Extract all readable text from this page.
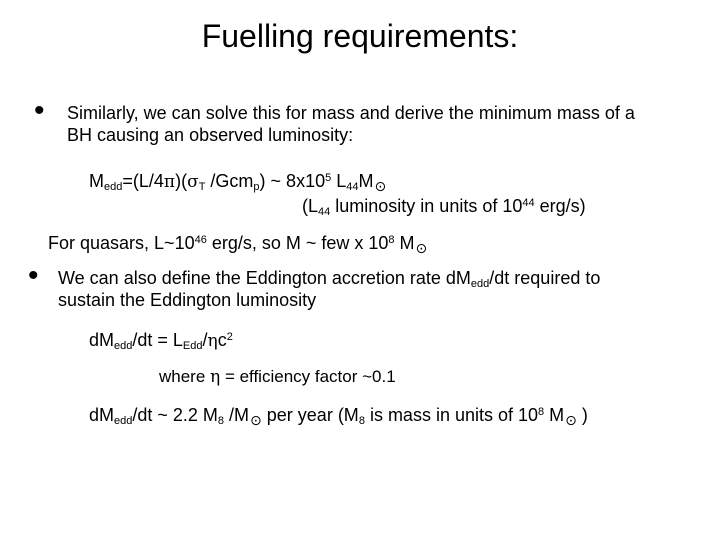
Fuelling requirements:
• Similarly, we can solve this for mass and derive the minimum mass of a
BH causing an observed luminosity:
$M_{edd}=(L/4\pi)(\sigma_T$ /Gcm$_p$) ~ $8x10^5$ $L_{44}M_⊙$
($L_{44}$ luminosity in units of $10^{44}$ erg/s)
For quasars, $L\sim 10^{46}$ erg/s, so M ~ few x $10^8$ $M_⊙$
• We can also define the Eddington accretion rate $dM_{edd}/dt$ required to
sustain the Eddington luminosity
$dM_{edd}/dt = L_{Edd}/\eta c^2$
where η = efficiency factor ~0.1
$dM_{edd}/dt$ ~ 2.2 $M_8$ $/M_⊙$ per year ($M_8$ is mass in units of $10^8$ $M_⊙$ )
